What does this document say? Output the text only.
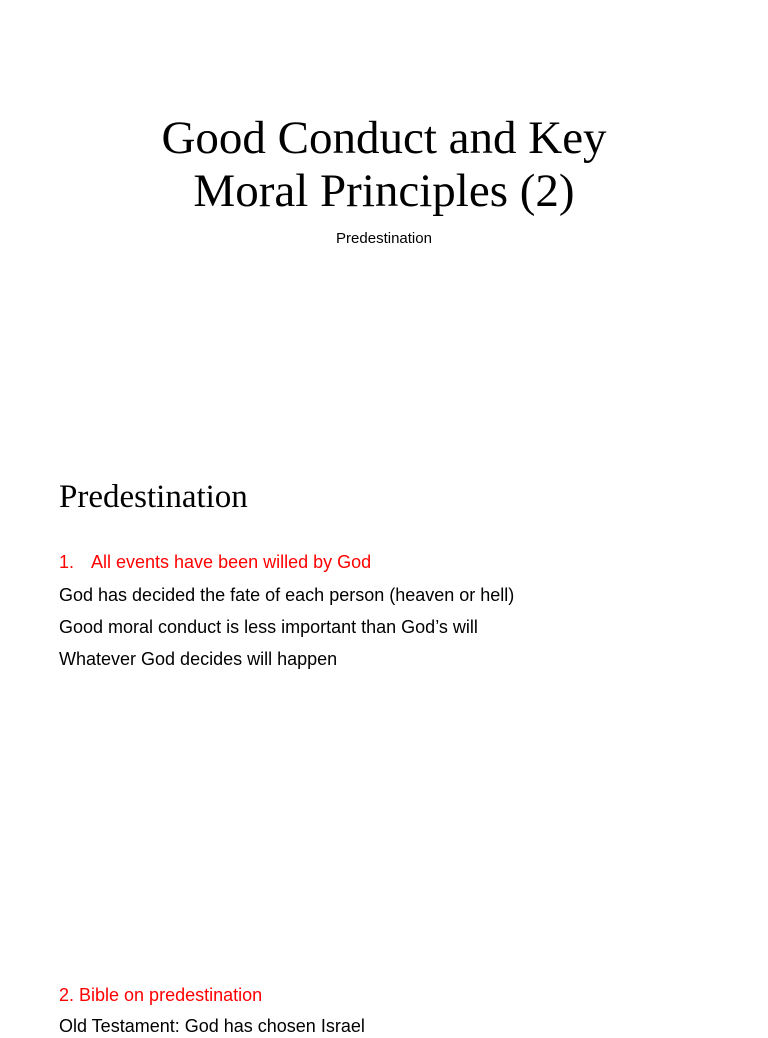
Good Conduct and Key
Moral Principles (2)
Predestination
Predestination
1. All events have been willed by God
God has decided the fate of each person (heaven or hell)
Good moral conduct is less important than God’s will
Whatever God decides will happen
2. Bible on predestination
Old Testament: God has chosen Israel
